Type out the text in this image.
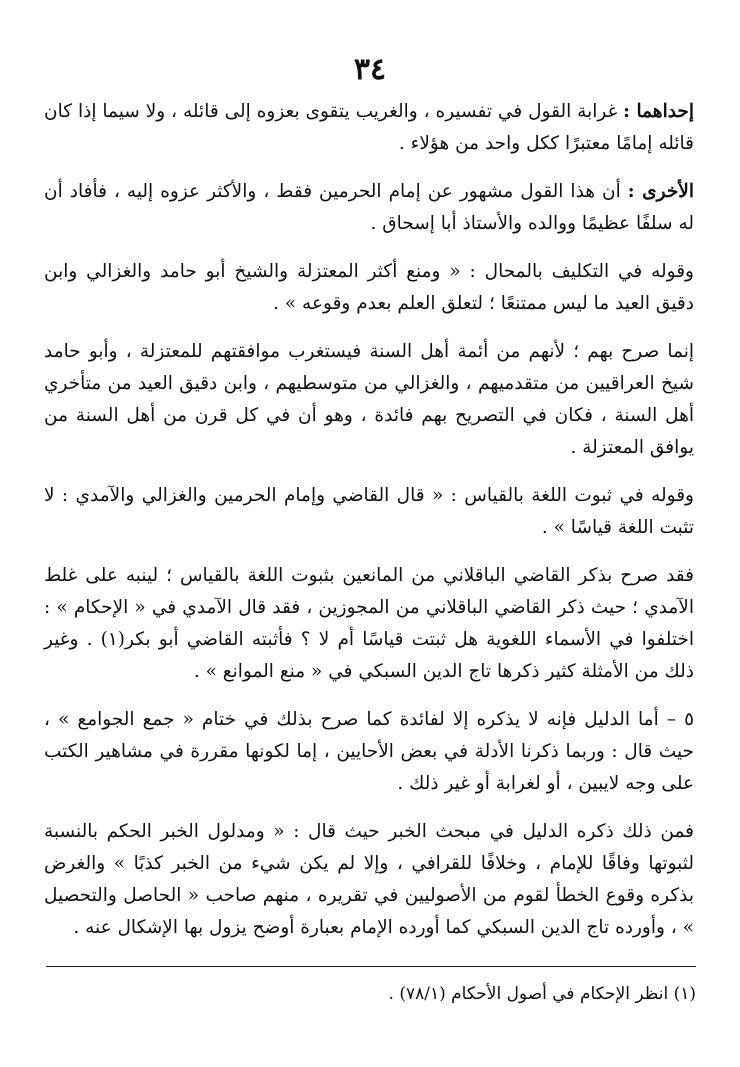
٣٤

إحداهما : غرابة القول في تفسيره ، والغريب يتقوى بعزوه إلى قائله ، ولا سيما إذا كان قائله إمامًا معتبرًا ككل واحد من هؤلاء .

الأخرى : أن هذا القول مشهور عن إمام الحرمين فقط ، والأكثر عزوه إليه ، فأفاد أن له سلفًا عظيمًا ووالده والأستاذ أبا إسحاق .

وقوله في التكليف بالمحال : « ومنع أكثر المعتزلة والشيخ أبو حامد والغزالي وابن دقيق العيد ما ليس ممتنعًا ؛ لتعلق العلم بعدم وقوعه » .

إنما صرح بهم ؛ لأنهم من أئمة أهل السنة فيستغرب موافقتهم للمعتزلة ، وأبو حامد شيخ العراقيين من متقدميهم ، والغزالي من متوسطيهم ، وابن دقيق العيد من متأخري أهل السنة ، فكان في التصريح بهم فائدة ، وهو أن في كل قرن من أهل السنة من يوافق المعتزلة .

وقوله في ثبوت اللغة بالقياس : « قال القاضي وإمام الحرمين والغزالي والآمدي : لا تثبت اللغة قياسًا » .

فقد صرح بذكر القاضي الباقلاني من المانعين بثبوت اللغة بالقياس ؛ لينبه على غلط الآمدي ؛ حيث ذكر القاضي الباقلاني من المجوزين ، فقد قال الآمدي في « الإحكام » : اختلفوا في الأسماء اللغوية هل ثبتت قياسًا أم لا ؟ فأثبته القاضي أبو بكر(١) . وغير ذلك من الأمثلة كثير ذكرها تاج الدين السبكي في « منع الموانع » .

٥ – أما الدليل فإنه لا يذكره إلا لفائدة كما صرح بذلك في ختام « جمع الجوامع » ، حيث قال : وربما ذكرنا الأدلة في بعض الأحايين ، إما لكونها مقررة في مشاهير الكتب على وجه لايبين ، أو لغرابة أو غير ذلك .

فمن ذلك ذكره الدليل في مبحث الخبر حيث قال : « ومدلول الخبر الحكم بالنسبة لثبوتها وفاقًا للإمام ، وخلافًا للقرافي ، وإلا لم يكن شيء من الخبر كذبًا » والغرض بذكره وقوع الخطأ لقوم من الأصوليين في تقريره ، منهم صاحب « الحاصل والتحصيل » ، وأورده تاج الدين السبكي كما أورده الإمام بعبارة أوضح يزول بها الإشكال عنه .

(١) انظر الإحكام في أصول الأحكام (٧٨/١) .
